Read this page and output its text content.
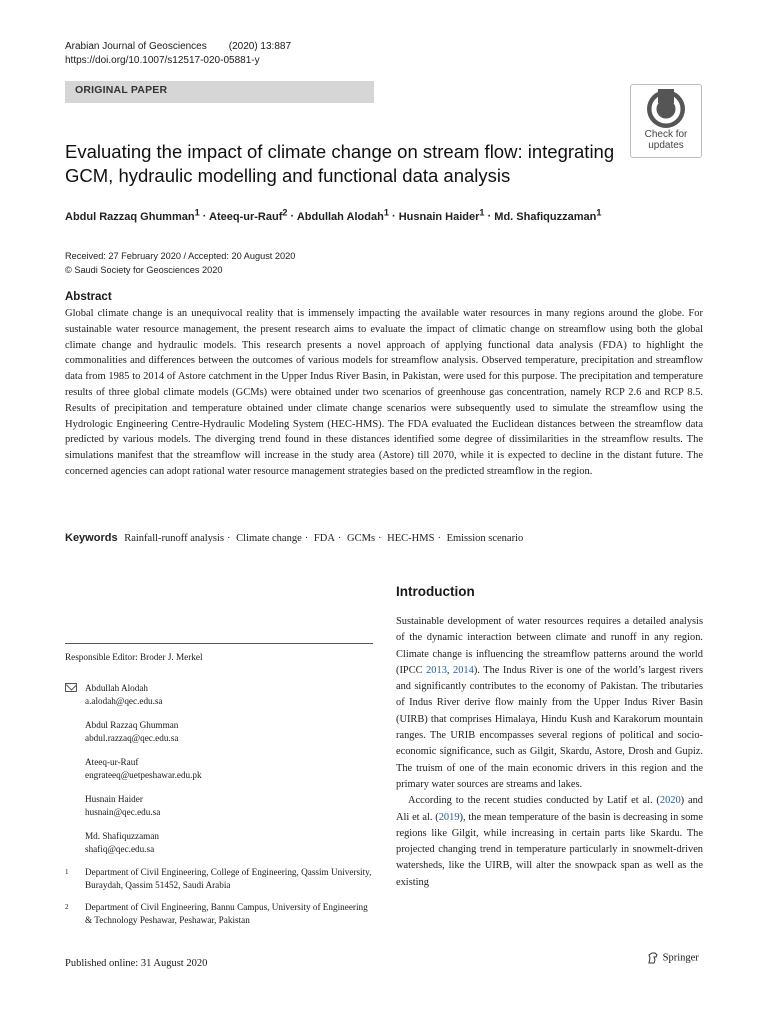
Arabian Journal of Geosciences (2020) 13:887
https://doi.org/10.1007/s12517-020-05881-y
ORIGINAL PAPER
Check for updates
Evaluating the impact of climate change on stream flow: integrating GCM, hydraulic modelling and functional data analysis
Abdul Razzaq Ghumman$^1$ · Ateeq-ur-Rauf$^2$ · Abdullah Alodah$^1$ · Husnain Haider$^1$ · Md. Shafiquzzaman$^1$
Received: 27 February 2020 / Accepted: 20 August 2020
© Saudi Society for Geosciences 2020
Abstract
Global climate change is an unequivocal reality that is immensely impacting the available water resources in many regions around the globe. For sustainable water resource management, the present research aims to evaluate the impact of climatic change on streamflow using both the global climate change and hydraulic models. This research presents a novel approach of applying functional data analysis (FDA) to highlight the commonalities and differences between the outcomes of various models for streamflow analysis. Observed temperature, precipitation and streamflow data from 1985 to 2014 of Astore catchment in the Upper Indus River Basin, in Pakistan, were used for this purpose. The precipitation and temperature results of three global climate models (GCMs) were obtained under two scenarios of greenhouse gas concentration, namely RCP 2.6 and RCP 8.5. Results of precipitation and temperature obtained under climate change scenarios were subsequently used to simulate the streamflow using the Hydrologic Engineering Centre-Hydraulic Modeling System (HEC-HMS). The FDA evaluated the Euclidean distances between the streamflow data predicted by various models. The diverging trend found in these distances identified some degree of dissimilarities in the streamflow results. The simulations manifest that the streamflow will increase in the study area (Astore) till 2070, while it is expected to decline in the distant future. The concerned agencies can adopt rational water resource management strategies based on the predicted streamflow in the region.
Keywords Rainfall-runoff analysis · Climate change · FDA · GCMs · HEC-HMS · Emission scenario
Introduction

Sustainable development of water resources requires a detailed analysis of the dynamic interaction between climate and runoff in any region. Climate change is influencing the streamflow patterns around the world (IPCC 2013, 2014). The Indus River is one of the world’s largest rivers and significantly contributes to the economy of Pakistan. The tributaries of Indus River derive flow mainly from the Upper Indus River Basin (UIRB) that comprises Himalaya, Hindu Kush and Karakorum mountain ranges. The URIB encompasses several regions of political and socio-economic significance, such as Gilgit, Skardu, Astore, Drosh and Gupiz. The truism of one of the main economic drivers in this region and the primary water sources are streams and lakes.

According to the recent studies conducted by Latif et al. (2020) and Ali et al. (2019), the mean temperature of the basin is decreasing in some regions like Gilgit, while increasing in certain parts like Skardu. The projected changing trend in temperature particularly in snowmelt-driven watersheds, like the UIRB, will alter the snowpack span as well as the existing

Responsible Editor: Broder J. Merkel
Abdullah Alodah
a.alodah@qec.edu.sa
Abdul Razzaq Ghumman
abdul.razzaq@qec.edu.sa
Ateeq-ur-Rauf
engrateeq@uetpeshawar.edu.pk
Husnain Haider
husnain@qec.edu.sa
Md. Shafiquzzaman
shafiq@qec.edu.sa
1 Department of Civil Engineering, College of Engineering, Qassim University, Buraydah, Qassim 51452, Saudi Arabia
2 Department of Civil Engineering, Bannu Campus, University of Engineering & Technology Peshawar, Peshawar, Pakistan
Published online: 31 August 2020
Springer
